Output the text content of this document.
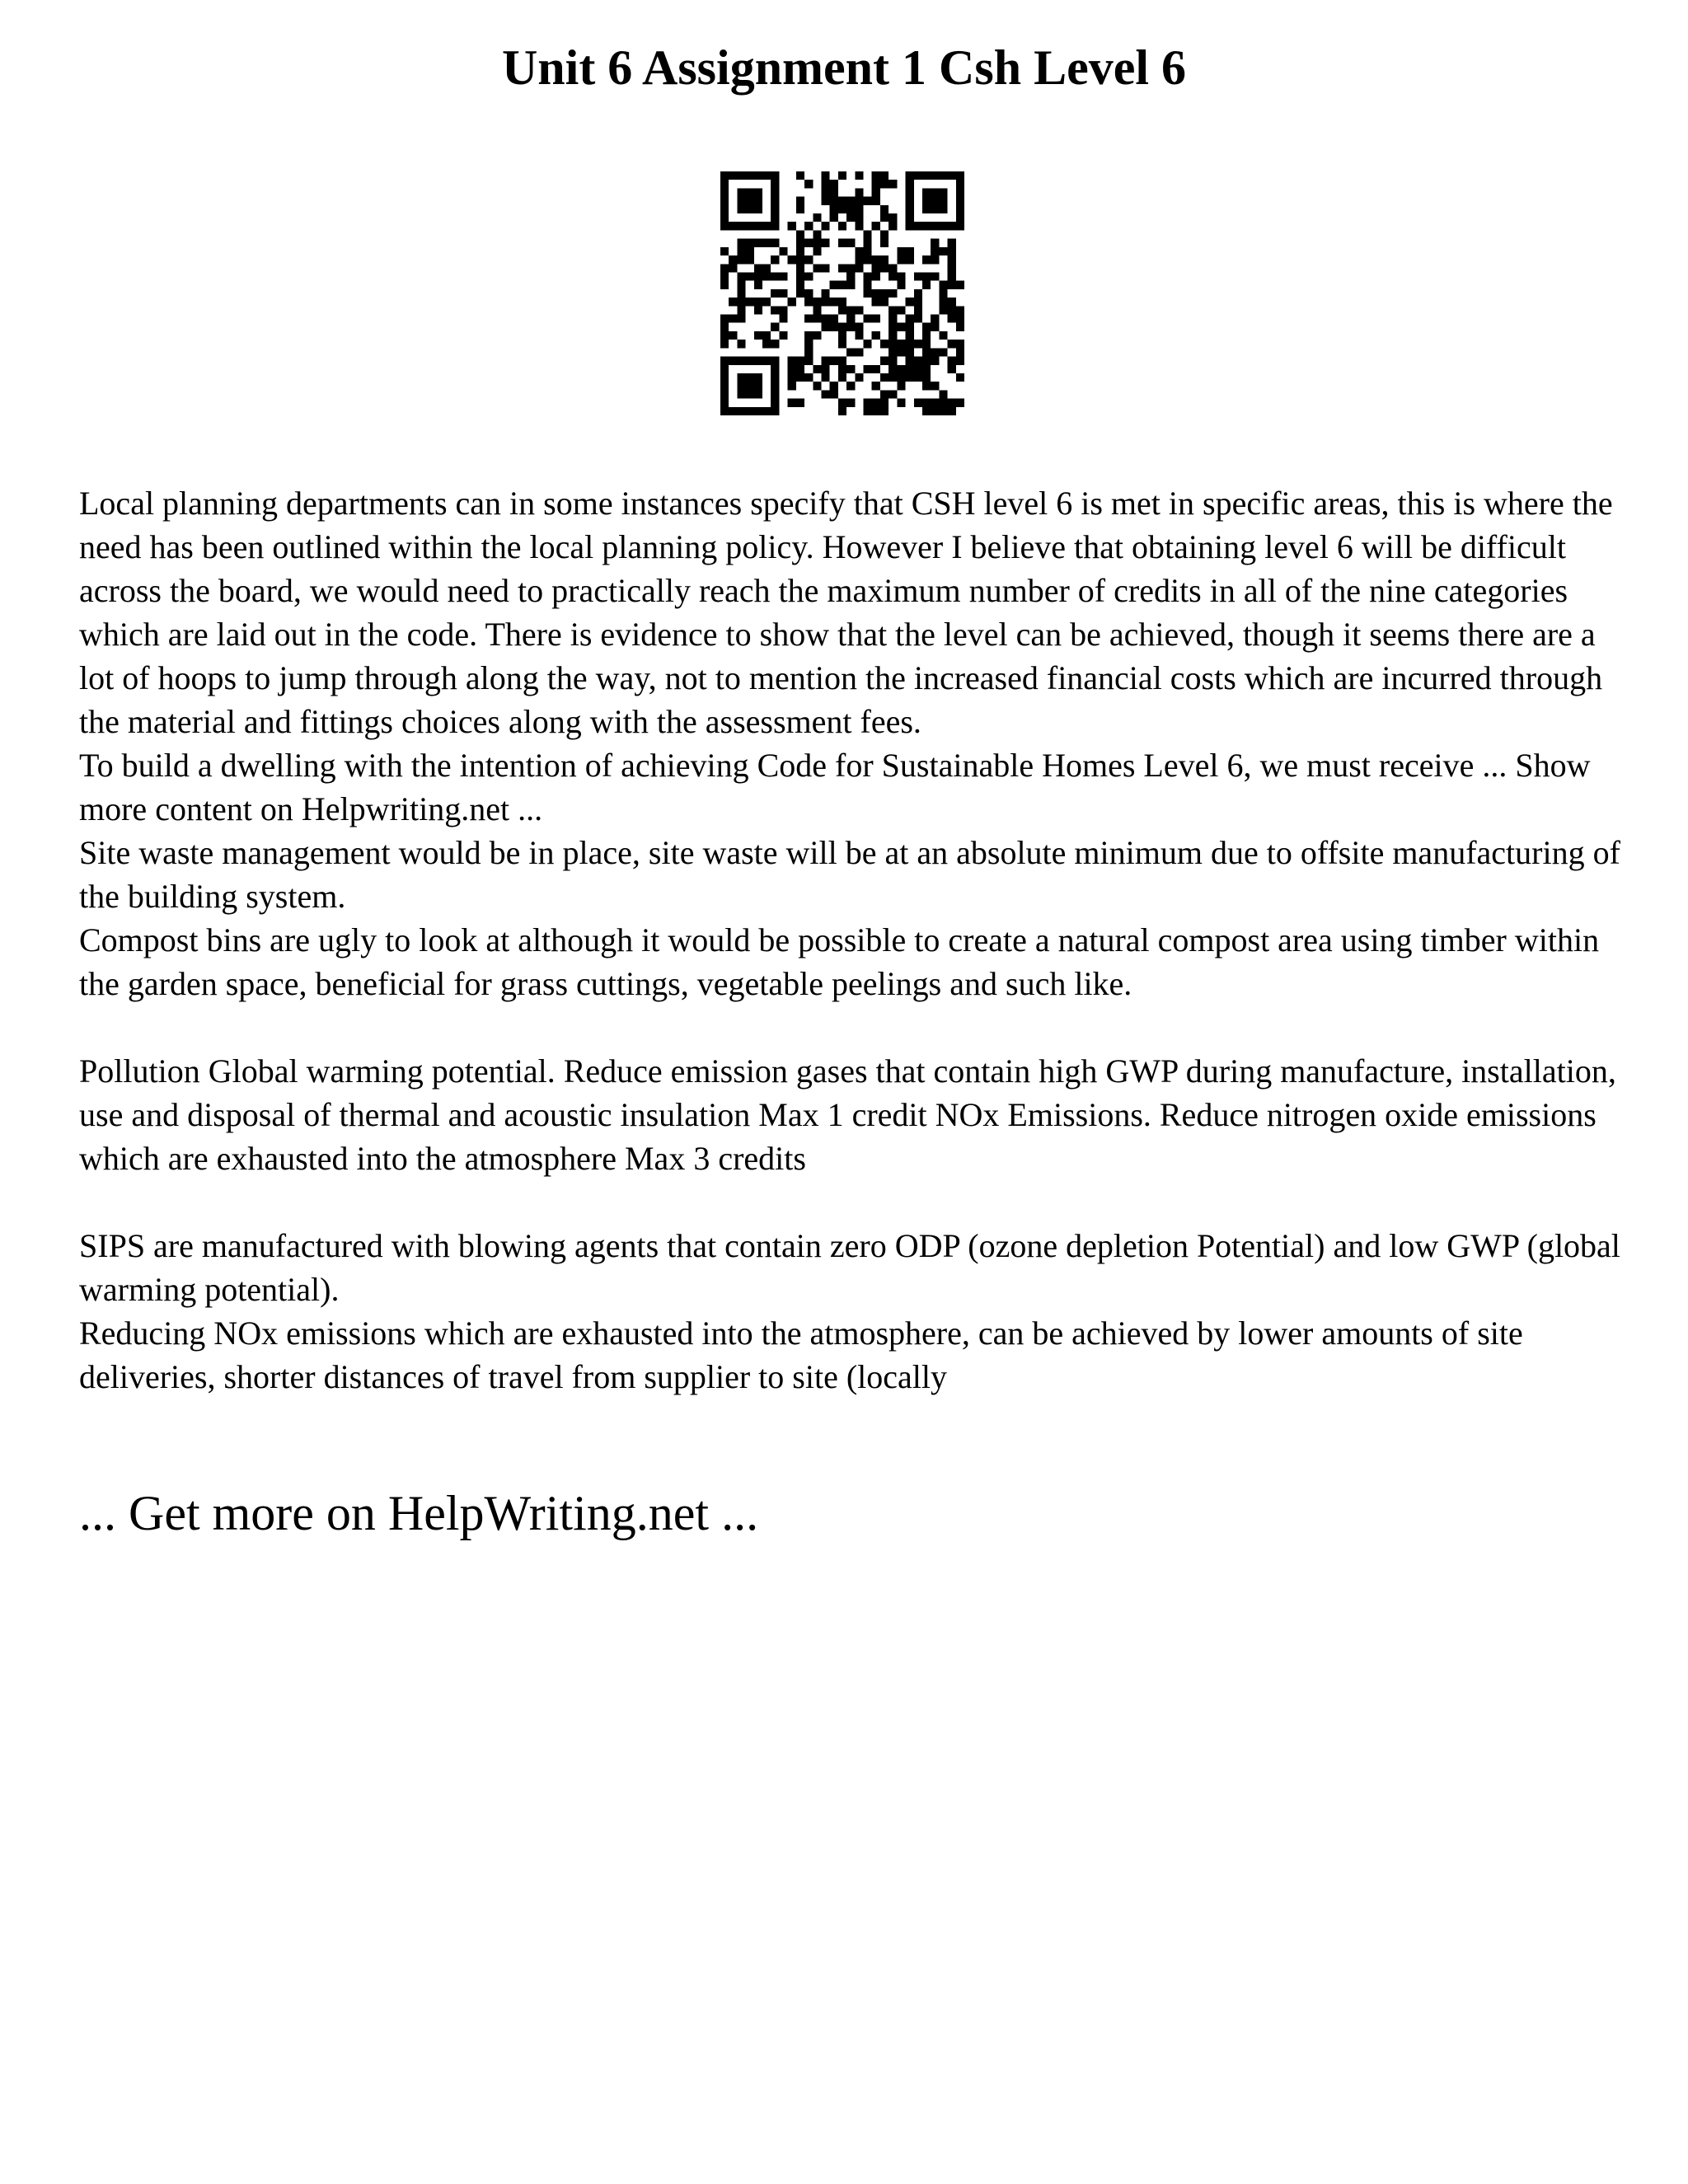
Unit 6 Assignment 1 Csh Level 6

Local planning departments can in some instances specify that CSH level 6 is met in specific areas, this is where the need has been outlined within the local planning policy. However I believe that obtaining level 6 will be difficult across the board, we would need to practically reach the maximum number of credits in all of the nine categories which are laid out in the code. There is evidence to show that the level can be achieved, though it seems there are a lot of hoops to jump through along the way, not to mention the increased financial costs which are incurred through the material and fittings choices along with the assessment fees.

To build a dwelling with the intention of achieving Code for Sustainable Homes Level 6, we must receive ... Show more content on Helpwriting.net ...

Site waste management would be in place, site waste will be at an absolute minimum due to offsite manufacturing of the building system.

Compost bins are ugly to look at although it would be possible to create a natural compost area using timber within the garden space, beneficial for grass cuttings, vegetable peelings and such like.

Pollution Global warming potential. Reduce emission gases that contain high GWP during manufacture, installation, use and disposal of thermal and acoustic insulation Max 1 credit NOx Emissions. Reduce nitrogen oxide emissions which are exhausted into the atmosphere Max 3 credits

SIPS are manufactured with blowing agents that contain zero ODP (ozone depletion Potential) and low GWP (global warming potential).

Reducing NOx emissions which are exhausted into the atmosphere, can be achieved by lower amounts of site deliveries, shorter distances of travel from supplier to site (locally

... Get more on HelpWriting.net ...
